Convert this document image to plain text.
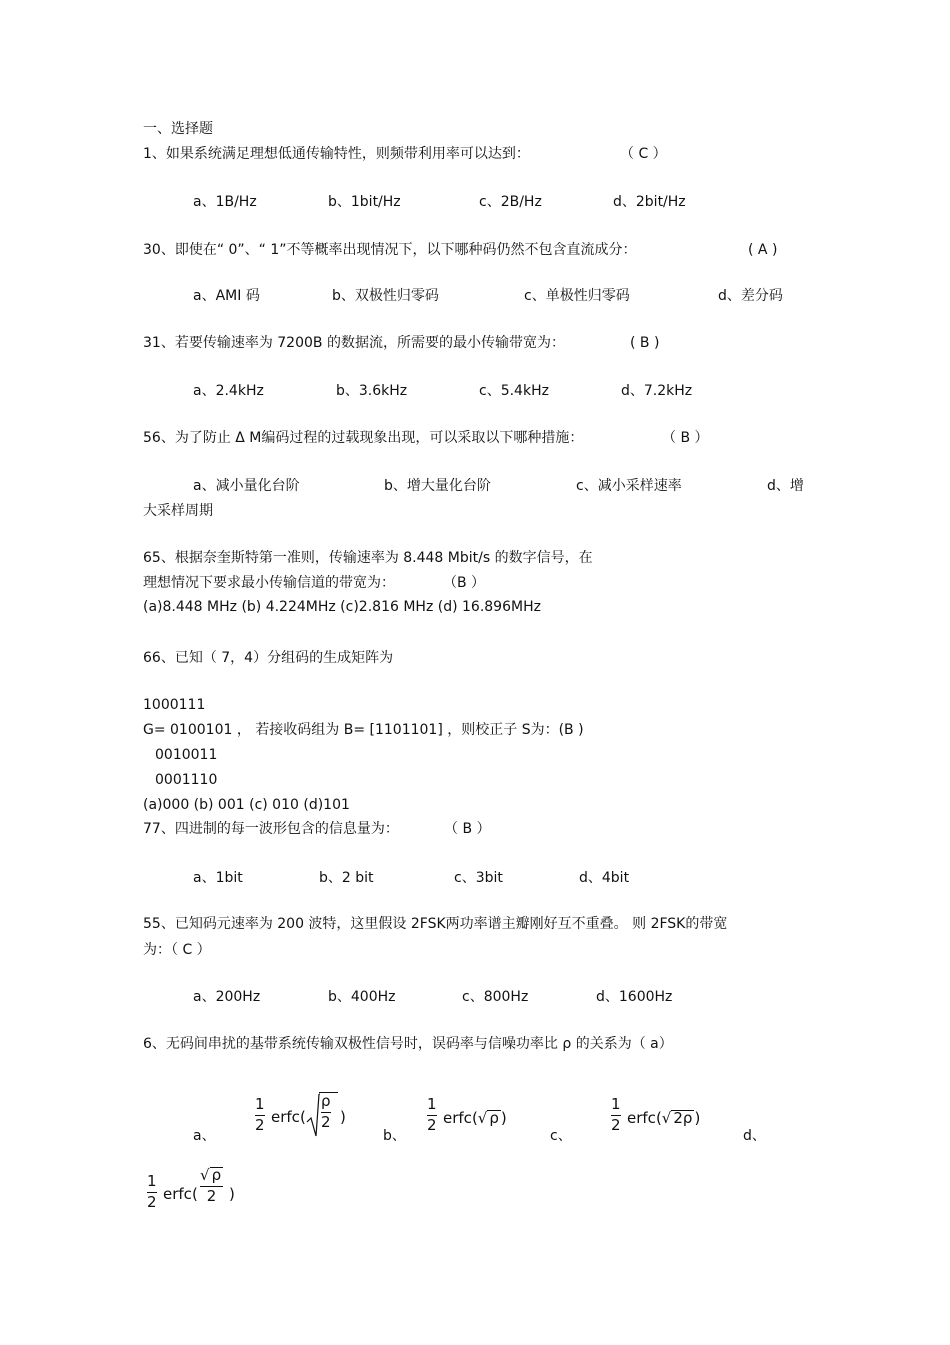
一、选择题
1、如果系统满足理想低通传输特性，则频带利用率可以达到：	（ C ）
a、1B/Hz	b、1bit/Hz	c、2B/Hz	d、2bit/Hz
30、即使在“ 0”、“ 1”不等概率出现情况下，以下哪种码仍然不包含直流成分：	( A )
a、AMI 码	b、双极性归零码	c、单极性归零码	d、差分码
31、若要传输速率为 7200B 的数据流，所需要的最小传输带宽为：	( B )
a、2.4kHz	b、3.6kHz	c、5.4kHz	d、7.2kHz
56、为了防止 Δ M编码过程的过载现象出现，可以采取以下哪种措施：	（ B ）
a、减小量化台阶	b、增大量化台阶	c、减小采样速率	d、增
大采样周期
65、根据奈奎斯特第一准则，传输速率为 8.448 Mbit/s 的数字信号，在
理想情况下要求最小传输信道的带宽为：	（B ）
(a)8.448 MHz (b) 4.224MHz (c)2.816 MHz (d) 16.896MHz
66、已知（ 7，4）分组码的生成矩阵为
1000111
G= 0100101 ， 若接收码组为 B= [1101101] ，则校正子 S为：(B )
0010011
0001110
(a)000 (b) 001 (c) 010 (d)101
77、四进制的每一波形包含的信息量为：	（ B ）
a、1bit	b、2 bit	c、3bit	d、4bit
55、已知码元速率为 200 波特，这里假设 2FSK两功率谱主瓣刚好互不重叠。 则 2FSK的带宽
为：（ C ）
a、200Hz	b、400Hz	c、800Hz	d、1600Hz
6、无码间串扰的基带系统传输双极性信号时，误码率与信噪功率比 ρ 的关系为（ a）
a、
1
2 erfc(
ρ
2 )
b、
1
2 erfc(√ ρ )
c、
1
2 erfc(√ 2ρ )
d、
1
2 erfc(
√ ρ
2 )
